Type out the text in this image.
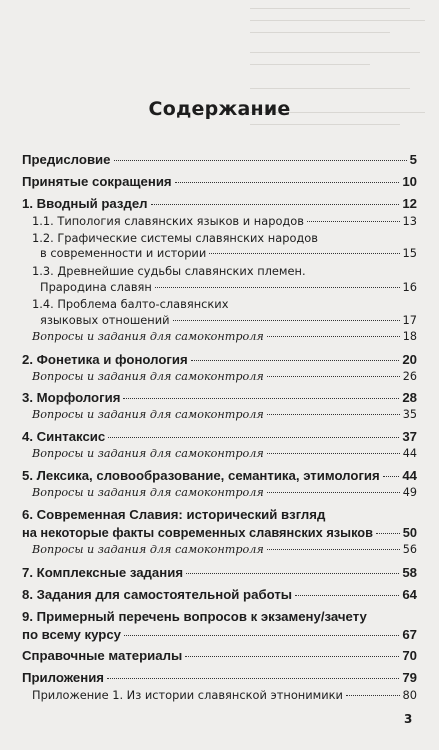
Содержание
Предисловие	5
Принятые сокращения	10
1. Вводный раздел	12
1.1. Типология славянских языков и народов	13
1.2. Графические системы славянских народов
в современности и истории	15
1.3. Древнейшие судьбы славянских племен.
Прародина славян	16
1.4. Проблема балто-славянских
языковых отношений	17
Вопросы и задания для самоконтроля	18
2. Фонетика и фонология	20
Вопросы и задания для самоконтроля	26
3. Морфология	28
Вопросы и задания для самоконтроля	35
4. Синтаксис	37
Вопросы и задания для самоконтроля	44
5. Лексика, словообразование, семантика, этимология 44
Вопросы и задания для самоконтроля	49
6. Современная Славия: исторический взгляд
на некоторые факты современных славянских языков 50
Вопросы и задания для самоконтроля	56
7. Комплексные задания	58
8. Задания для самостоятельной работы	64
9. Примерный перечень вопросов к экзамену/зачету
по всему курсу	67
Справочные материалы	70
Приложения	79
Приложение 1. Из истории славянской этнонимики	80
3
